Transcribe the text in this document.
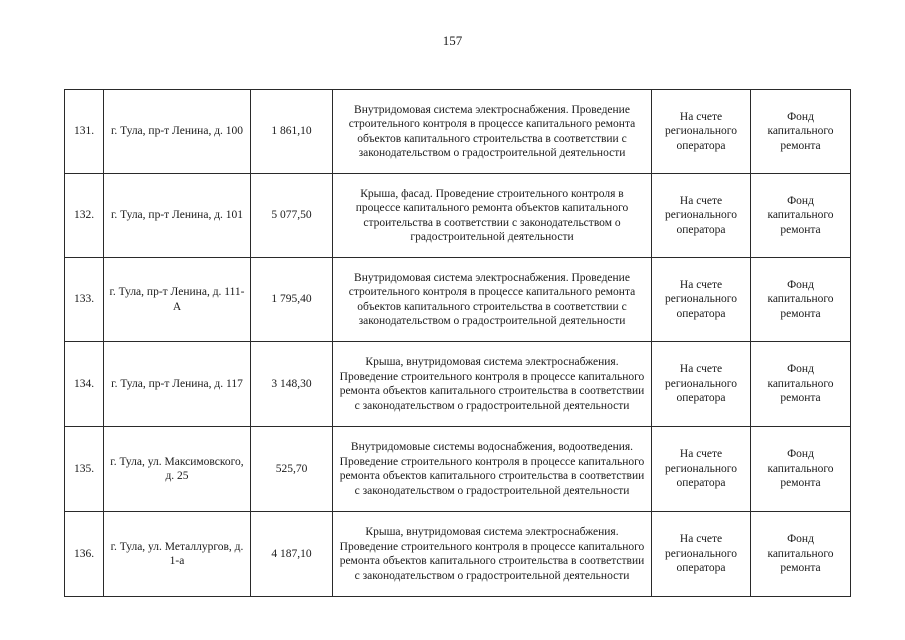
157
131.	г. Тула, пр-т Ленина, д. 100	1 861,10	Внутридомовая система электроснабжения. Проведение строительного контроля в процессе капитального ремонта объектов капитального строительства в соответствии с законодательством о градостроительной деятельности	На счете регионального оператора	Фонд капитального ремонта
132.	г. Тула, пр-т Ленина, д. 101	5 077,50	Крыша, фасад. Проведение строительного контроля в процессе капитального ремонта объектов капитального строительства в соответствии с законодательством о градостроительной деятельности	На счете регионального оператора	Фонд капитального ремонта
133.	г. Тула, пр-т Ленина, д. 111-А	1 795,40	Внутридомовая система электроснабжения. Проведение строительного контроля в процессе капитального ремонта объектов капитального строительства в соответствии с законодательством о градостроительной деятельности	На счете регионального оператора	Фонд капитального ремонта
134.	г. Тула, пр-т Ленина, д. 117	3 148,30	Крыша, внутридомовая система электроснабжения. Проведение строительного контроля в процессе капитального ремонта объектов капитального строительства в соответствии с законодательством о градостроительной деятельности	На счете регионального оператора	Фонд капитального ремонта
135.	г. Тула, ул. Максимовского, д. 25	525,70	Внутридомовые системы водоснабжения, водоотведения. Проведение строительного контроля в процессе капитального ремонта объектов капитального строительства в соответствии с законодательством о градостроительной деятельности	На счете регионального оператора	Фонд капитального ремонта
136.	г. Тула, ул. Металлургов, д. 1-а	4 187,10	Крыша, внутридомовая система электроснабжения. Проведение строительного контроля в процессе капитального ремонта объектов капитального строительства в соответствии с законодательством о градостроительной деятельности	На счете регионального оператора	Фонд капитального ремонта
